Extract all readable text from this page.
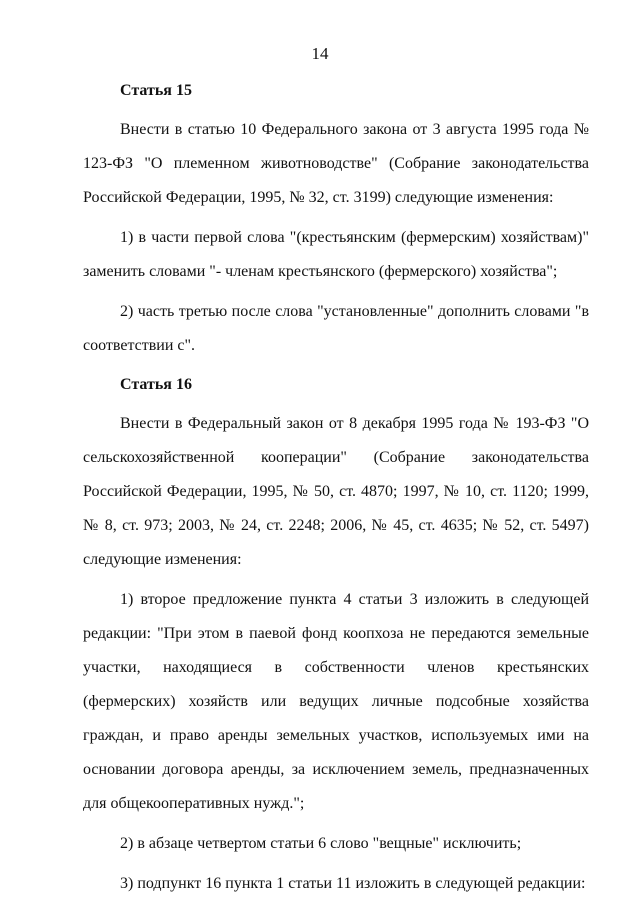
14

Статья 15

Внести в статью 10 Федерального закона от 3 августа 1995 года № 123-ФЗ "О племенном животноводстве" (Собрание законодательства Российской Федерации, 1995, № 32, ст. 3199) следующие изменения:

1) в части первой слова "(крестьянским (фермерским) хозяйствам)" заменить словами "- членам крестьянского (фермерского) хозяйства";

2) часть третью после слова "установленные" дополнить словами "в соответствии с".

Статья 16

Внести в Федеральный закон от 8 декабря 1995 года № 193-ФЗ "О сельскохозяйственной кооперации" (Собрание законодательства Российской Федерации, 1995, № 50, ст. 4870; 1997, № 10, ст. 1120; 1999, № 8, ст. 973; 2003, № 24, ст. 2248; 2006, № 45, ст. 4635; № 52, ст. 5497) следующие изменения:

1) второе предложение пункта 4 статьи 3 изложить в следующей редакции: "При этом в паевой фонд коопхоза не передаются земельные участки, находящиеся в собственности членов крестьянских (фермерских) хозяйств или ведущих личные подсобные хозяйства граждан, и право аренды земельных участков, используемых ими на основании договора аренды, за исключением земель, предназначенных для общекооперативных нужд.";

2) в абзаце четвертом статьи 6 слово "вещные" исключить;

3) подпункт 16 пункта 1 статьи 11 изложить в следующей редакции:
